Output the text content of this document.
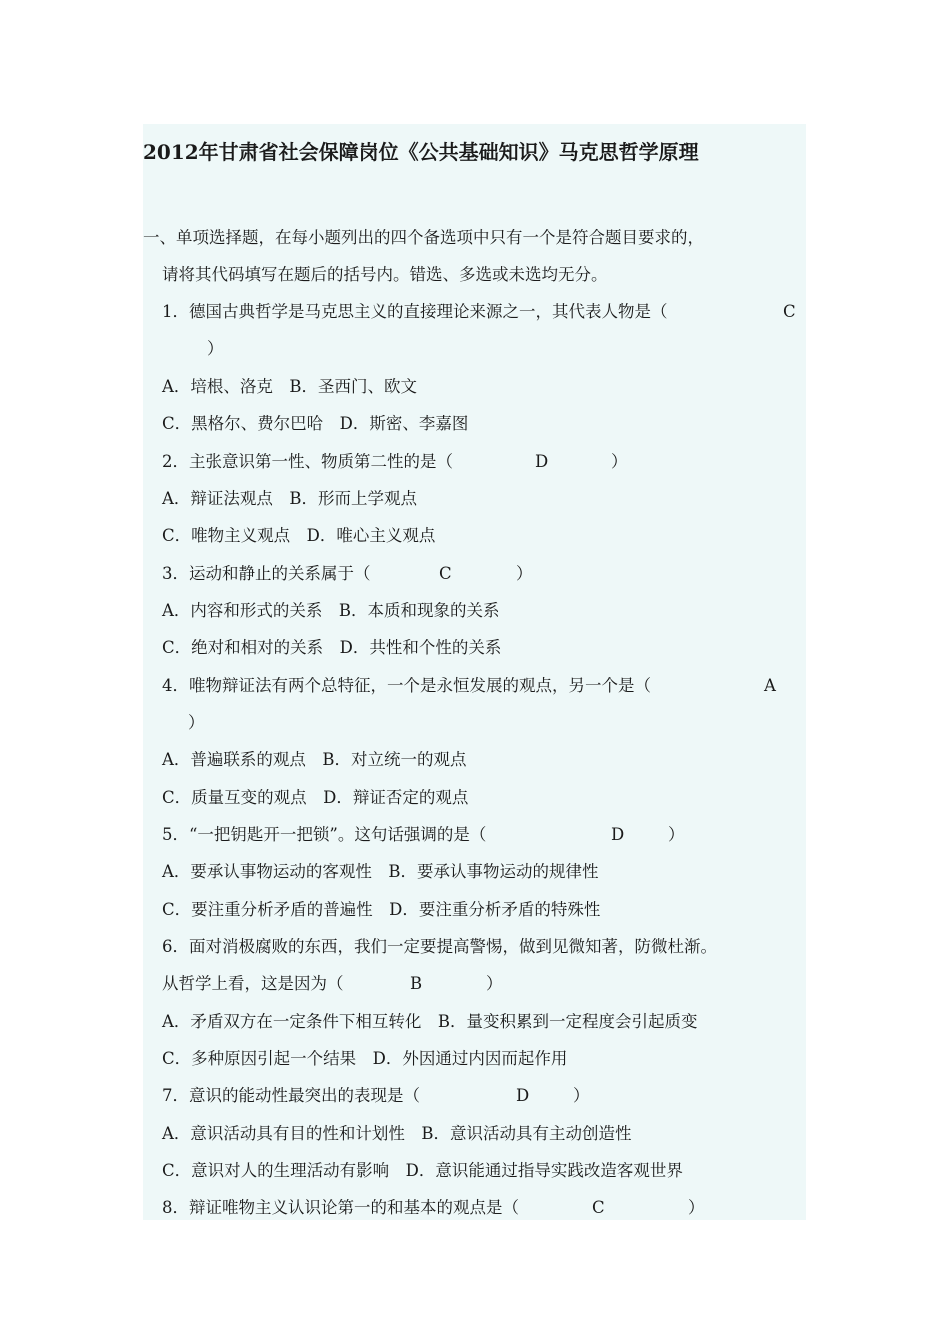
2012年甘肃省社会保障岗位《公共基础知识》马克思哲学原理
一、单项选择题，在每小题列出的四个备选项中只有一个是符合题目要求的，
请将其代码填写在题后的括号内。错选、多选或未选均无分。
1．德国古典哲学是马克思主义的直接理论来源之一，其代表人物是（	C
）
A．培根、洛克　B．圣西门、欧文
C．黑格尔、费尔巴哈　D．斯密、李嘉图
2．主张意识第一性、物质第二性的是（	D	）
A．辩证法观点　B．形而上学观点
C．唯物主义观点　D．唯心主义观点
3．运动和静止的关系属于（	C	）
A．内容和形式的关系　B．本质和现象的关系
C．绝对和相对的关系　D．共性和个性的关系
4．唯物辩证法有两个总特征，一个是永恒发展的观点，另一个是（	A
）
A．普遍联系的观点　B．对立统一的观点
C．质量互变的观点　D．辩证否定的观点
5．“一把钥匙开一把锁”。这句话强调的是（	D	）
A．要承认事物运动的客观性　B．要承认事物运动的规律性
C．要注重分析矛盾的普遍性　D．要注重分析矛盾的特殊性
6．面对消极腐败的东西，我们一定要提高警惕，做到见微知著，防微杜渐。
从哲学上看，这是因为（	B	）
A．矛盾双方在一定条件下相互转化　B．量变积累到一定程度会引起质变
C．多种原因引起一个结果　D．外因通过内因而起作用
7．意识的能动性最突出的表现是（	D	）
A．意识活动具有目的性和计划性　B．意识活动具有主动创造性
C．意识对人的生理活动有影响　D．意识能通过指导实践改造客观世界
8．辩证唯物主义认识论第一的和基本的观点是（	C	）
